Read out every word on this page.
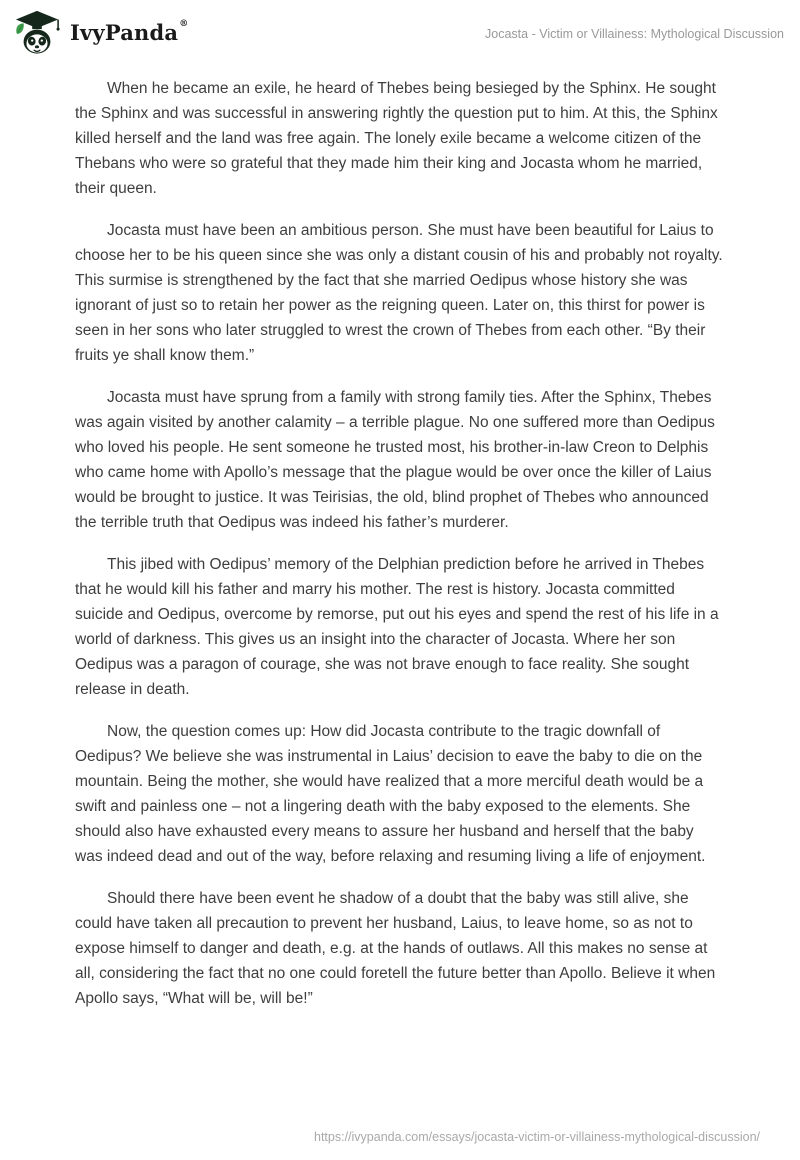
IvyPanda®
Jocasta - Victim or Villainess: Mythological Discussion

When he became an exile, he heard of Thebes being besieged by the Sphinx. He sought the Sphinx and was successful in answering rightly the question put to him. At this, the Sphinx killed herself and the land was free again. The lonely exile became a welcome citizen of the Thebans who were so grateful that they made him their king and Jocasta whom he married, their queen.

Jocasta must have been an ambitious person. She must have been beautiful for Laius to choose her to be his queen since she was only a distant cousin of his and probably not royalty. This surmise is strengthened by the fact that she married Oedipus whose history she was ignorant of just so to retain her power as the reigning queen. Later on, this thirst for power is seen in her sons who later struggled to wrest the crown of Thebes from each other. “By their fruits ye shall know them.”

Jocasta must have sprung from a family with strong family ties. After the Sphinx, Thebes was again visited by another calamity – a terrible plague. No one suffered more than Oedipus who loved his people. He sent someone he trusted most, his brother-in-law Creon to Delphis who came home with Apollo’s message that the plague would be over once the killer of Laius would be brought to justice. It was Teirisias, the old, blind prophet of Thebes who announced the terrible truth that Oedipus was indeed his father’s murderer.

This jibed with Oedipus’ memory of the Delphian prediction before he arrived in Thebes that he would kill his father and marry his mother. The rest is history. Jocasta committed suicide and Oedipus, overcome by remorse, put out his eyes and spend the rest of his life in a world of darkness. This gives us an insight into the character of Jocasta. Where her son Oedipus was a paragon of courage, she was not brave enough to face reality. She sought release in death.

Now, the question comes up: How did Jocasta contribute to the tragic downfall of Oedipus? We believe she was instrumental in Laius’ decision to eave the baby to die on the mountain. Being the mother, she would have realized that a more merciful death would be a swift and painless one – not a lingering death with the baby exposed to the elements. She should also have exhausted every means to assure her husband and herself that the baby was indeed dead and out of the way, before relaxing and resuming living a life of enjoyment.

Should there have been event he shadow of a doubt that the baby was still alive, she could have taken all precaution to prevent her husband, Laius, to leave home, so as not to expose himself to danger and death, e.g. at the hands of outlaws. All this makes no sense at all, considering the fact that no one could foretell the future better than Apollo. Believe it when Apollo says, “What will be, will be!”

https://ivypanda.com/essays/jocasta-victim-or-villainess-mythological-discussion/
